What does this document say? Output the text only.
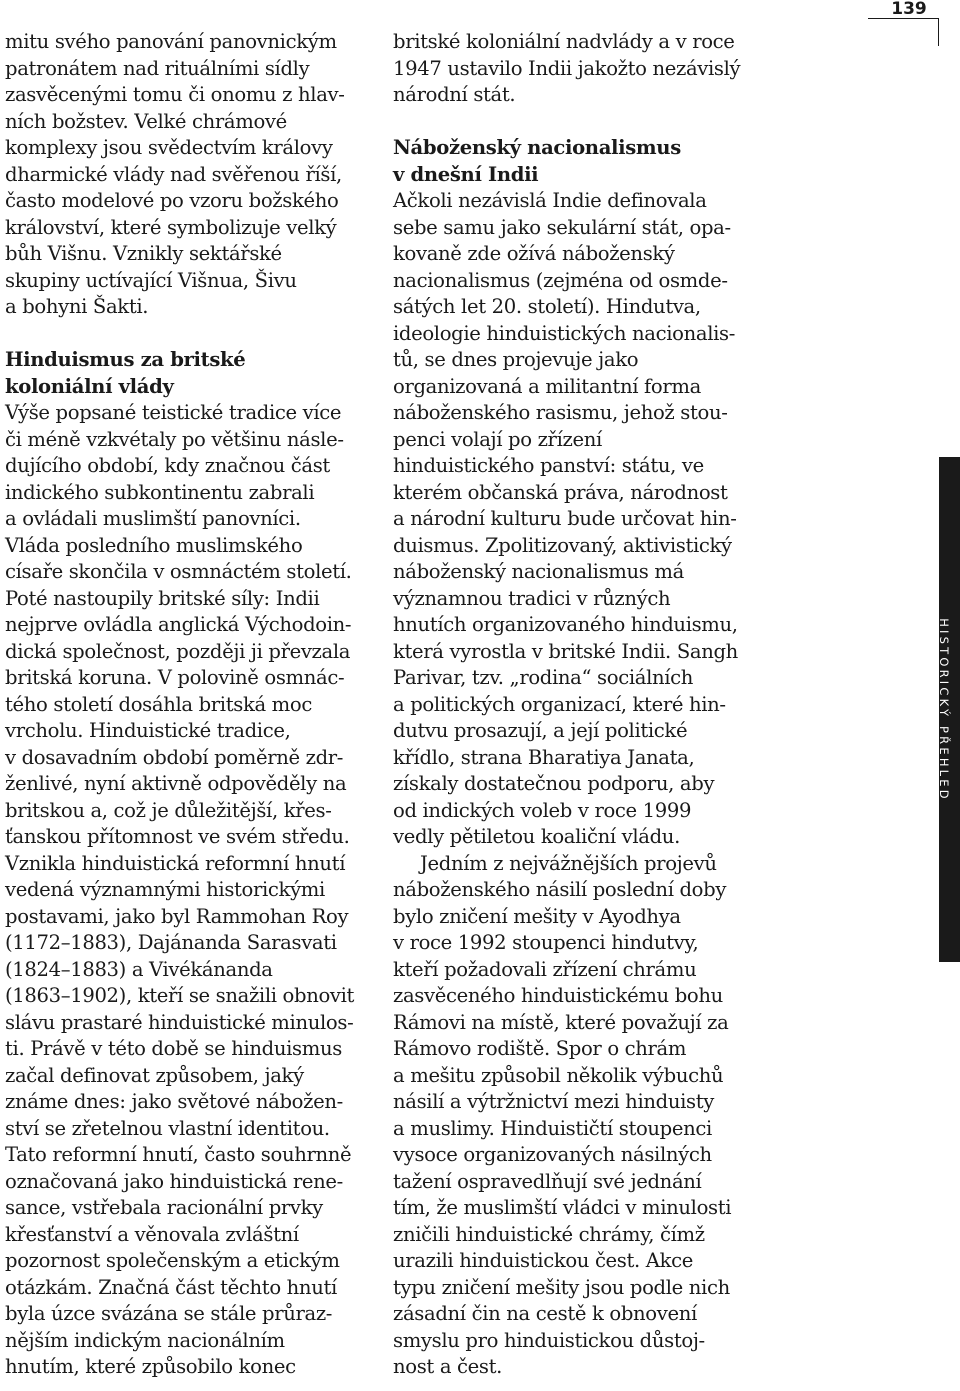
139
mitu svého panování panovnickým
patronátem nad rituálními sídly
zasvěcenými tomu či onomu z hlav-
ních božstev. Velké chrámové
komplexy jsou svědectvím královy
dharmické vlády nad svěřenou říší,
často modelové po vzoru božského
království, které symbolizuje velký
bůh Višnu. Vznikly sektářské
skupiny uctívající Višnua, Šivu
a bohyni Šakti.
Hinduismus za britské
koloniální vlády
Výše popsané teistické tradice více
či méně vzkvétaly po většinu násle-
dujícího období, kdy značnou část
indického subkontinentu zabrali
a ovládali muslimští panovníci.
Vláda posledního muslimského
císaře skončila v osmnáctém století.
Poté nastoupily britské síly: Indii
nejprve ovládla anglická Východoin-
dická společnost, později ji převzala
britská koruna. V polovině osmnác-
tého století dosáhla britská moc
vrcholu. Hinduistické tradice,
v dosavadním období poměrně zdr-
ženlivé, nyní aktivně odpověděly na
britskou a, což je důležitější, křes-
ťanskou přítomnost ve svém středu.
Vznikla hinduistická reformní hnutí
vedená významnými historickými
postavami, jako byl Rammohan Roy
(1172–1883), Dajánanda Sarasvati
(1824–1883) a Vivékánanda
(1863–1902), kteří se snažili obnovit
slávu prastaré hinduistické minulos-
ti. Právě v této době se hinduismus
začal definovat způsobem, jaký
známe dnes: jako světové nábožen-
ství se zřetelnou vlastní identitou.
Tato reformní hnutí, často souhrnně
označovaná jako hinduistická rene-
sance, vstřebala racionální prvky
křesťanství a věnovala zvláštní
pozornost společenským a etickým
otázkám. Značná část těchto hnutí
byla úzce svázána se stále průraz-
nějším indickým nacionálním
hnutím, které způsobilo konec
britské koloniální nadvlády a v roce
1947 ustavilo Indii jakožto nezávislý
národní stát.
Náboženský nacionalismus
v dnešní Indii
Ačkoli nezávislá Indie definovala
sebe samu jako sekulární stát, opa-
kovaně zde ožívá náboženský
nacionalismus (zejména od osmde-
sátých let 20. století). Hindutva,
ideologie hinduistických nacionalis-
tů, se dnes projevuje jako
organizovaná a militantní forma
náboženského rasismu, jehož stou-
penci volají po zřízení
hinduistického panství: státu, ve
kterém občanská práva, národnost
a národní kulturu bude určovat hin-
duismus. Zpolitizovaný, aktivistický
náboženský nacionalismus má
významnou tradici v různých
hnutích organizovaného hinduismu,
která vyrostla v britské Indii. Sangh
Parivar, tzv. „rodina“ sociálních
a politických organizací, které hin-
dutvu prosazují, a její politické
křídlo, strana Bharatiya Janata,
získaly dostatečnou podporu, aby
od indických voleb v roce 1999
vedly pětiletou koaliční vládu.
Jedním z nejvážnějších projevů
náboženského násilí poslední doby
bylo zničení mešity v Ayodhya
v roce 1992 stoupenci hindutvy,
kteří požadovali zřízení chrámu
zasvěceného hinduistickému bohu
Rámovi na místě, které považují za
Rámovo rodiště. Spor o chrám
a mešitu způsobil několik výbuchů
násilí a výtržnictví mezi hinduisty
a muslimy. Hinduističtí stoupenci
vysoce organizovaných násilných
tažení ospravedlňují své jednání
tím, že muslimští vládci v minulosti
zničili hinduistické chrámy, čímž
urazili hinduistickou čest. Akce
typu zničení mešity jsou podle nich
zásadní čin na cestě k obnovení
smyslu pro hinduistickou důstoj-
nost a čest.
HISTORICKÝ PŘEHLED
